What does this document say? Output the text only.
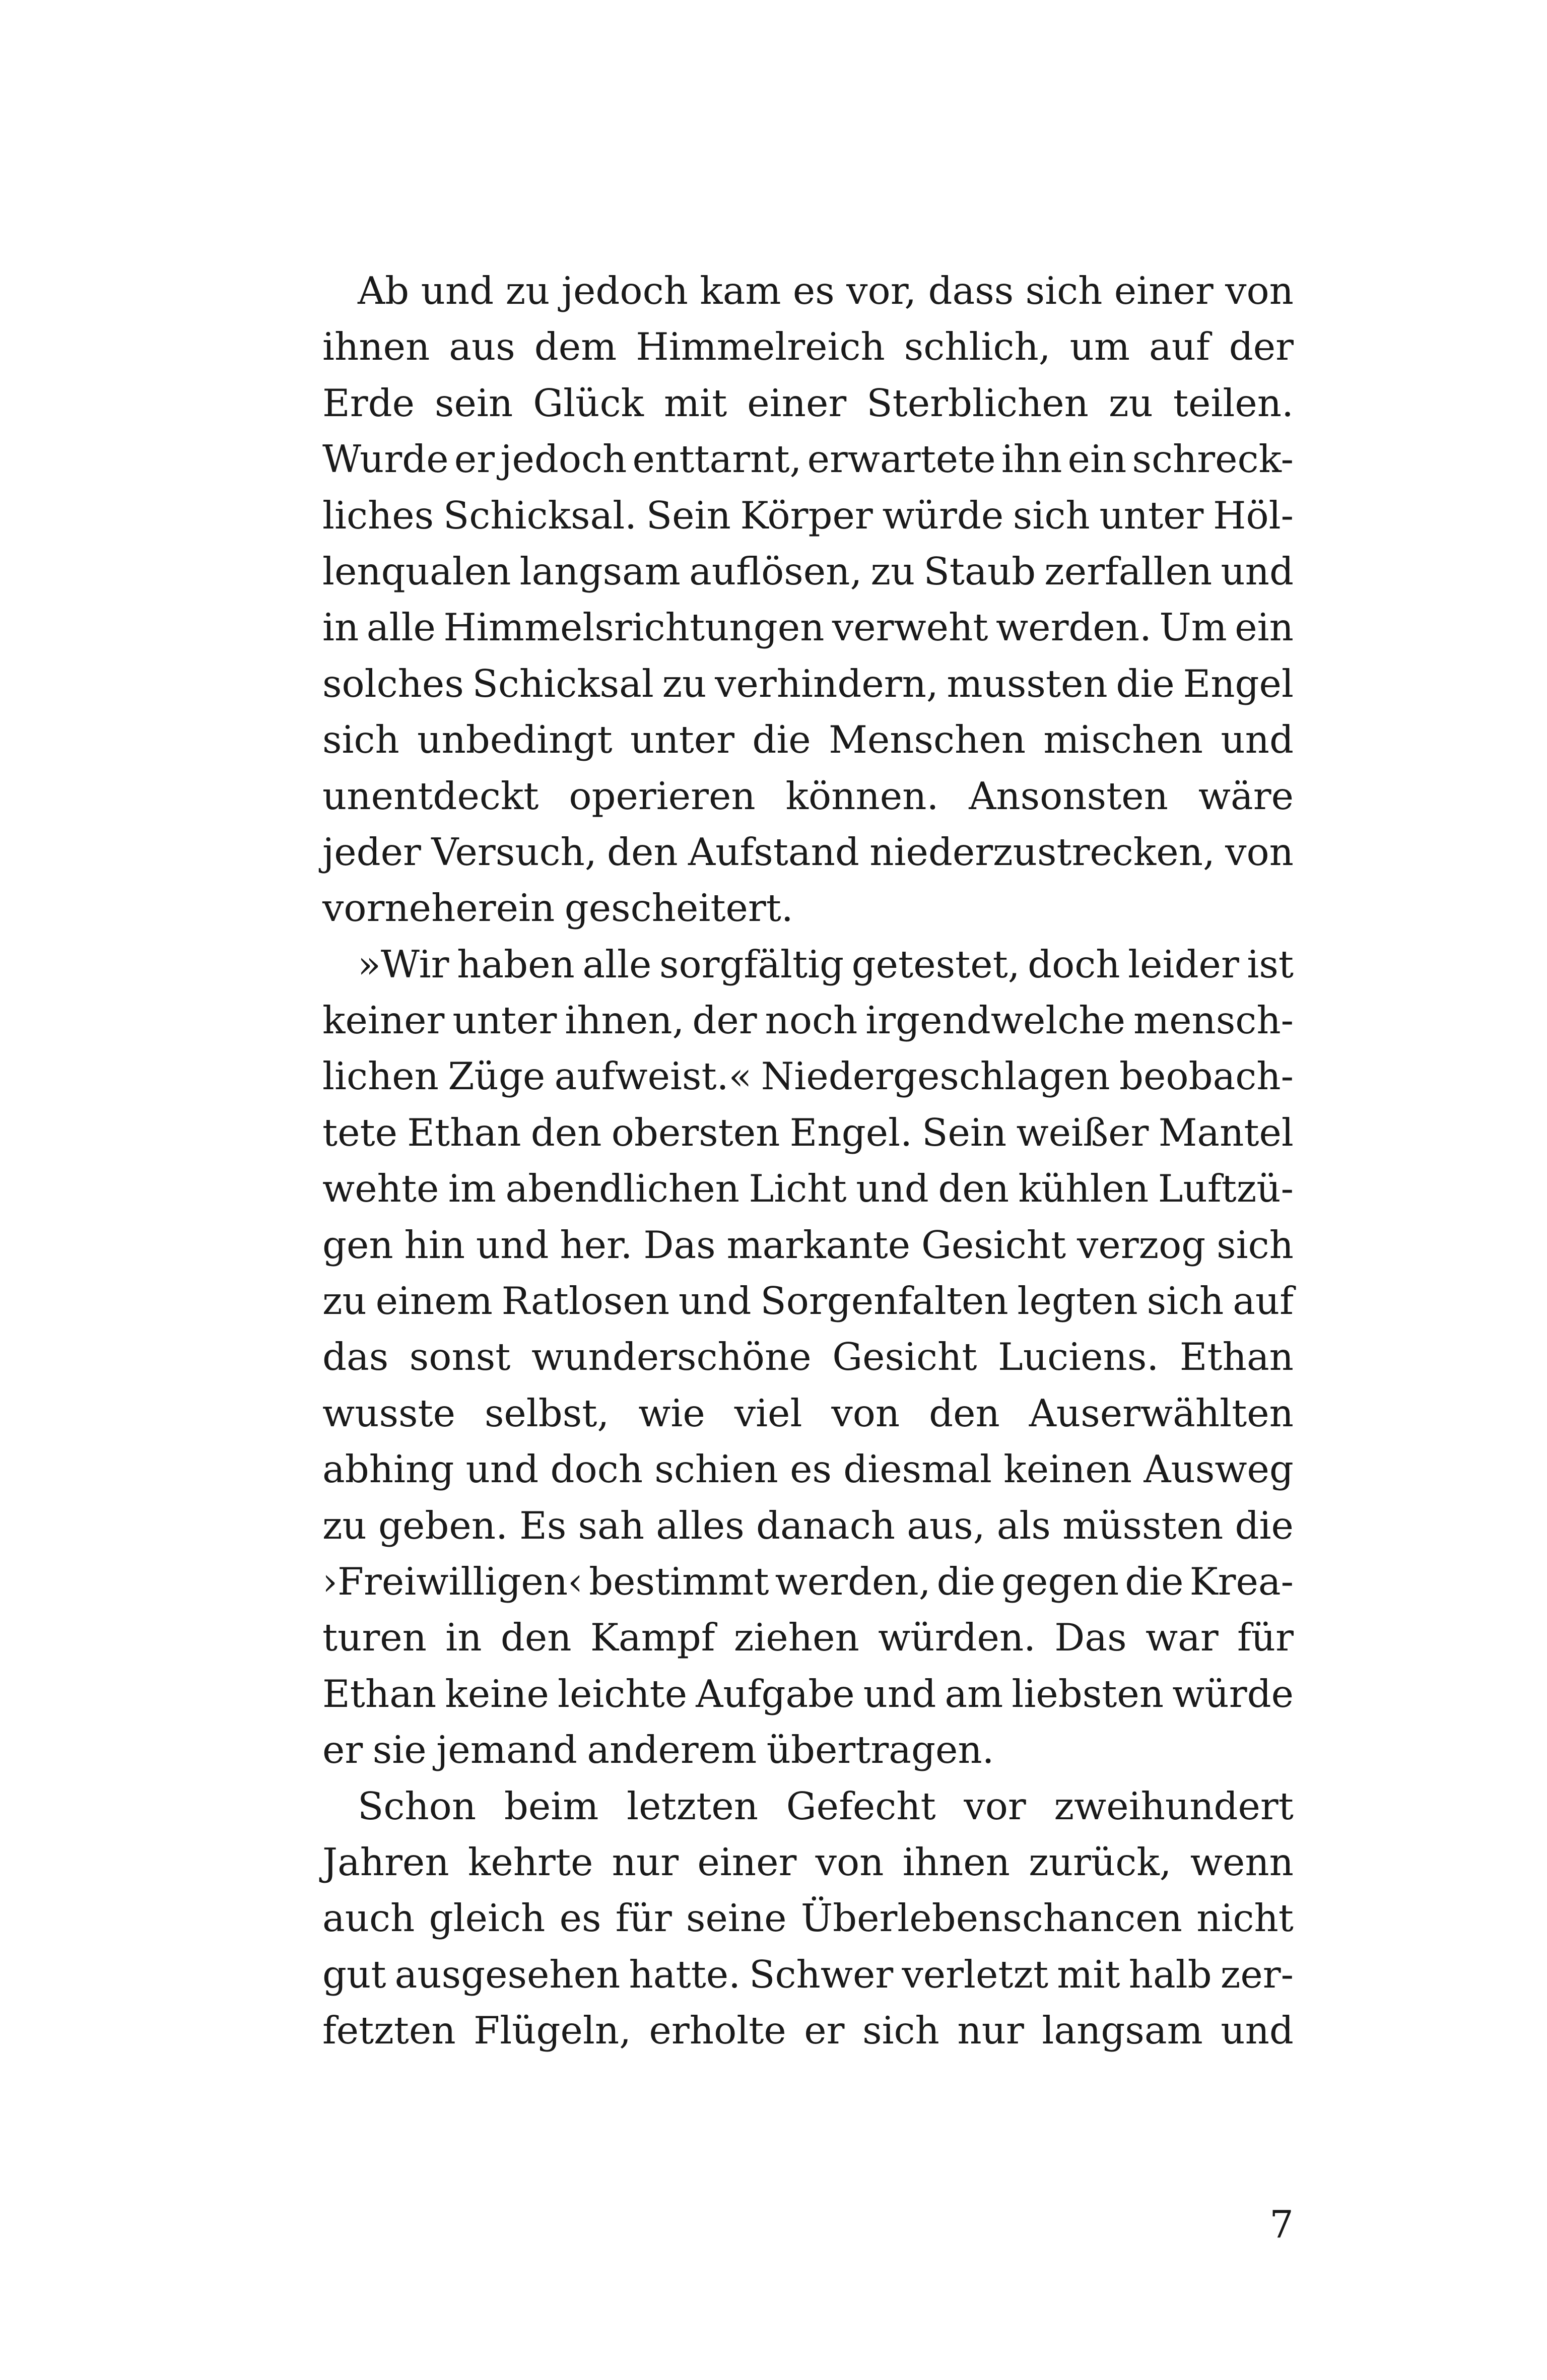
Ab und zu jedoch kam es vor, dass sich einer von
ihnen aus dem Himmelreich schlich, um auf der
Erde sein Glück mit einer Sterblichen zu teilen.
Wurde er jedoch enttarnt, erwartete ihn ein schreck-
liches Schicksal. Sein Körper würde sich unter Höl-
lenqualen langsam auflösen, zu Staub zerfallen und
in alle Himmelsrichtungen verweht werden. Um ein
solches Schicksal zu verhindern, mussten die Engel
sich unbedingt unter die Menschen mischen und
unentdeckt operieren können. Ansonsten wäre
jeder Versuch, den Aufstand niederzustrecken, von
vorneherein gescheitert.
»Wir haben alle sorgfältig getestet, doch leider ist
keiner unter ihnen, der noch irgendwelche mensch-
lichen Züge aufweist.« Niedergeschlagen beobach-
tete Ethan den obersten Engel. Sein weißer Mantel
wehte im abendlichen Licht und den kühlen Luftzü-
gen hin und her. Das markante Gesicht verzog sich
zu einem Ratlosen und Sorgenfalten legten sich auf
das sonst wunderschöne Gesicht Luciens. Ethan
wusste selbst, wie viel von den Auserwählten
abhing und doch schien es diesmal keinen Ausweg
zu geben. Es sah alles danach aus, als müssten die
›Freiwilligen‹ bestimmt werden, die gegen die Krea-
turen in den Kampf ziehen würden. Das war für
Ethan keine leichte Aufgabe und am liebsten würde
er sie jemand anderem übertragen.
Schon beim letzten Gefecht vor zweihundert
Jahren kehrte nur einer von ihnen zurück, wenn
auch gleich es für seine Überlebenschancen nicht
gut ausgesehen hatte. Schwer verletzt mit halb zer-
fetzten Flügeln, erholte er sich nur langsam und
7
